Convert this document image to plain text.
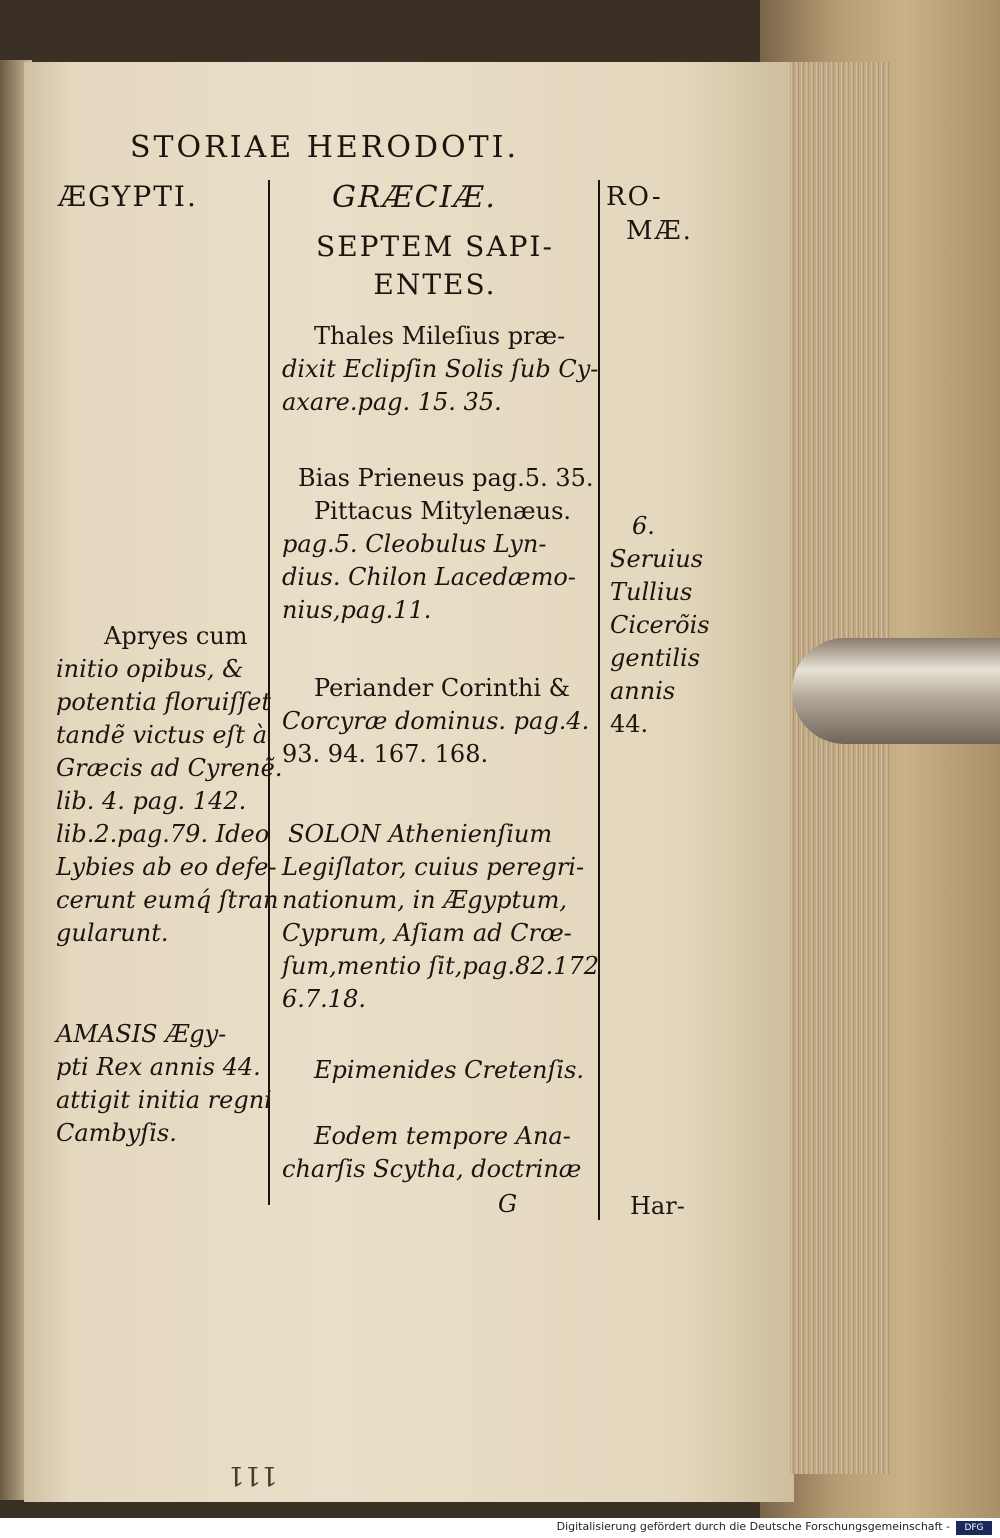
STORIAE HERODOTI.
ÆGYPTI.
Apryes cum
initio opibus, &
potentia floruiſſet
tandẽ victus eſt à
Græcis ad Cyrenẽ.
lib. 4. pag. 142.
lib.2.pag.79. Ideo
Lybies ab eo defe-
cerunt eumq́ ſtran
gularunt.
AMASIS Ægy-
pti Rex annis 44.
attigit initia regni
Cambyſis.
GRÆCIÆ.
SEPTEM SAPI-
ENTES.
Thales Mileſius præ-
dixit Eclipſin Solis ſub Cy-
axare.pag. 15. 35.
Bias Prieneus pag.5. 35.
Pittacus Mitylenæus.
pag.5. Cleobulus Lyn-
dius. Chilon Lacedæmo-
nius,pag.11.
Periander Corinthi &
Corcyræ dominus. pag.4.
93. 94. 167. 168.
SOLON Athenienſium
Legiſlator, cuius peregri-
nationum, in Ægyptum,
Cyprum, Aſiam ad Crœ-
ſum,mentio ſit,pag.82.172
6.7.18.
Epimenides Cretenſis.
Eodem tempore Ana-
charſis Scytha, doctrinæ
G
RO-
MÆ.
6.
Seruius
Tullius
Cicerõis
gentilis
annis
44.
Har-
111
Digitalisierung gefördert durch die Deutsche Forschungsgemeinschaft -	DFG
